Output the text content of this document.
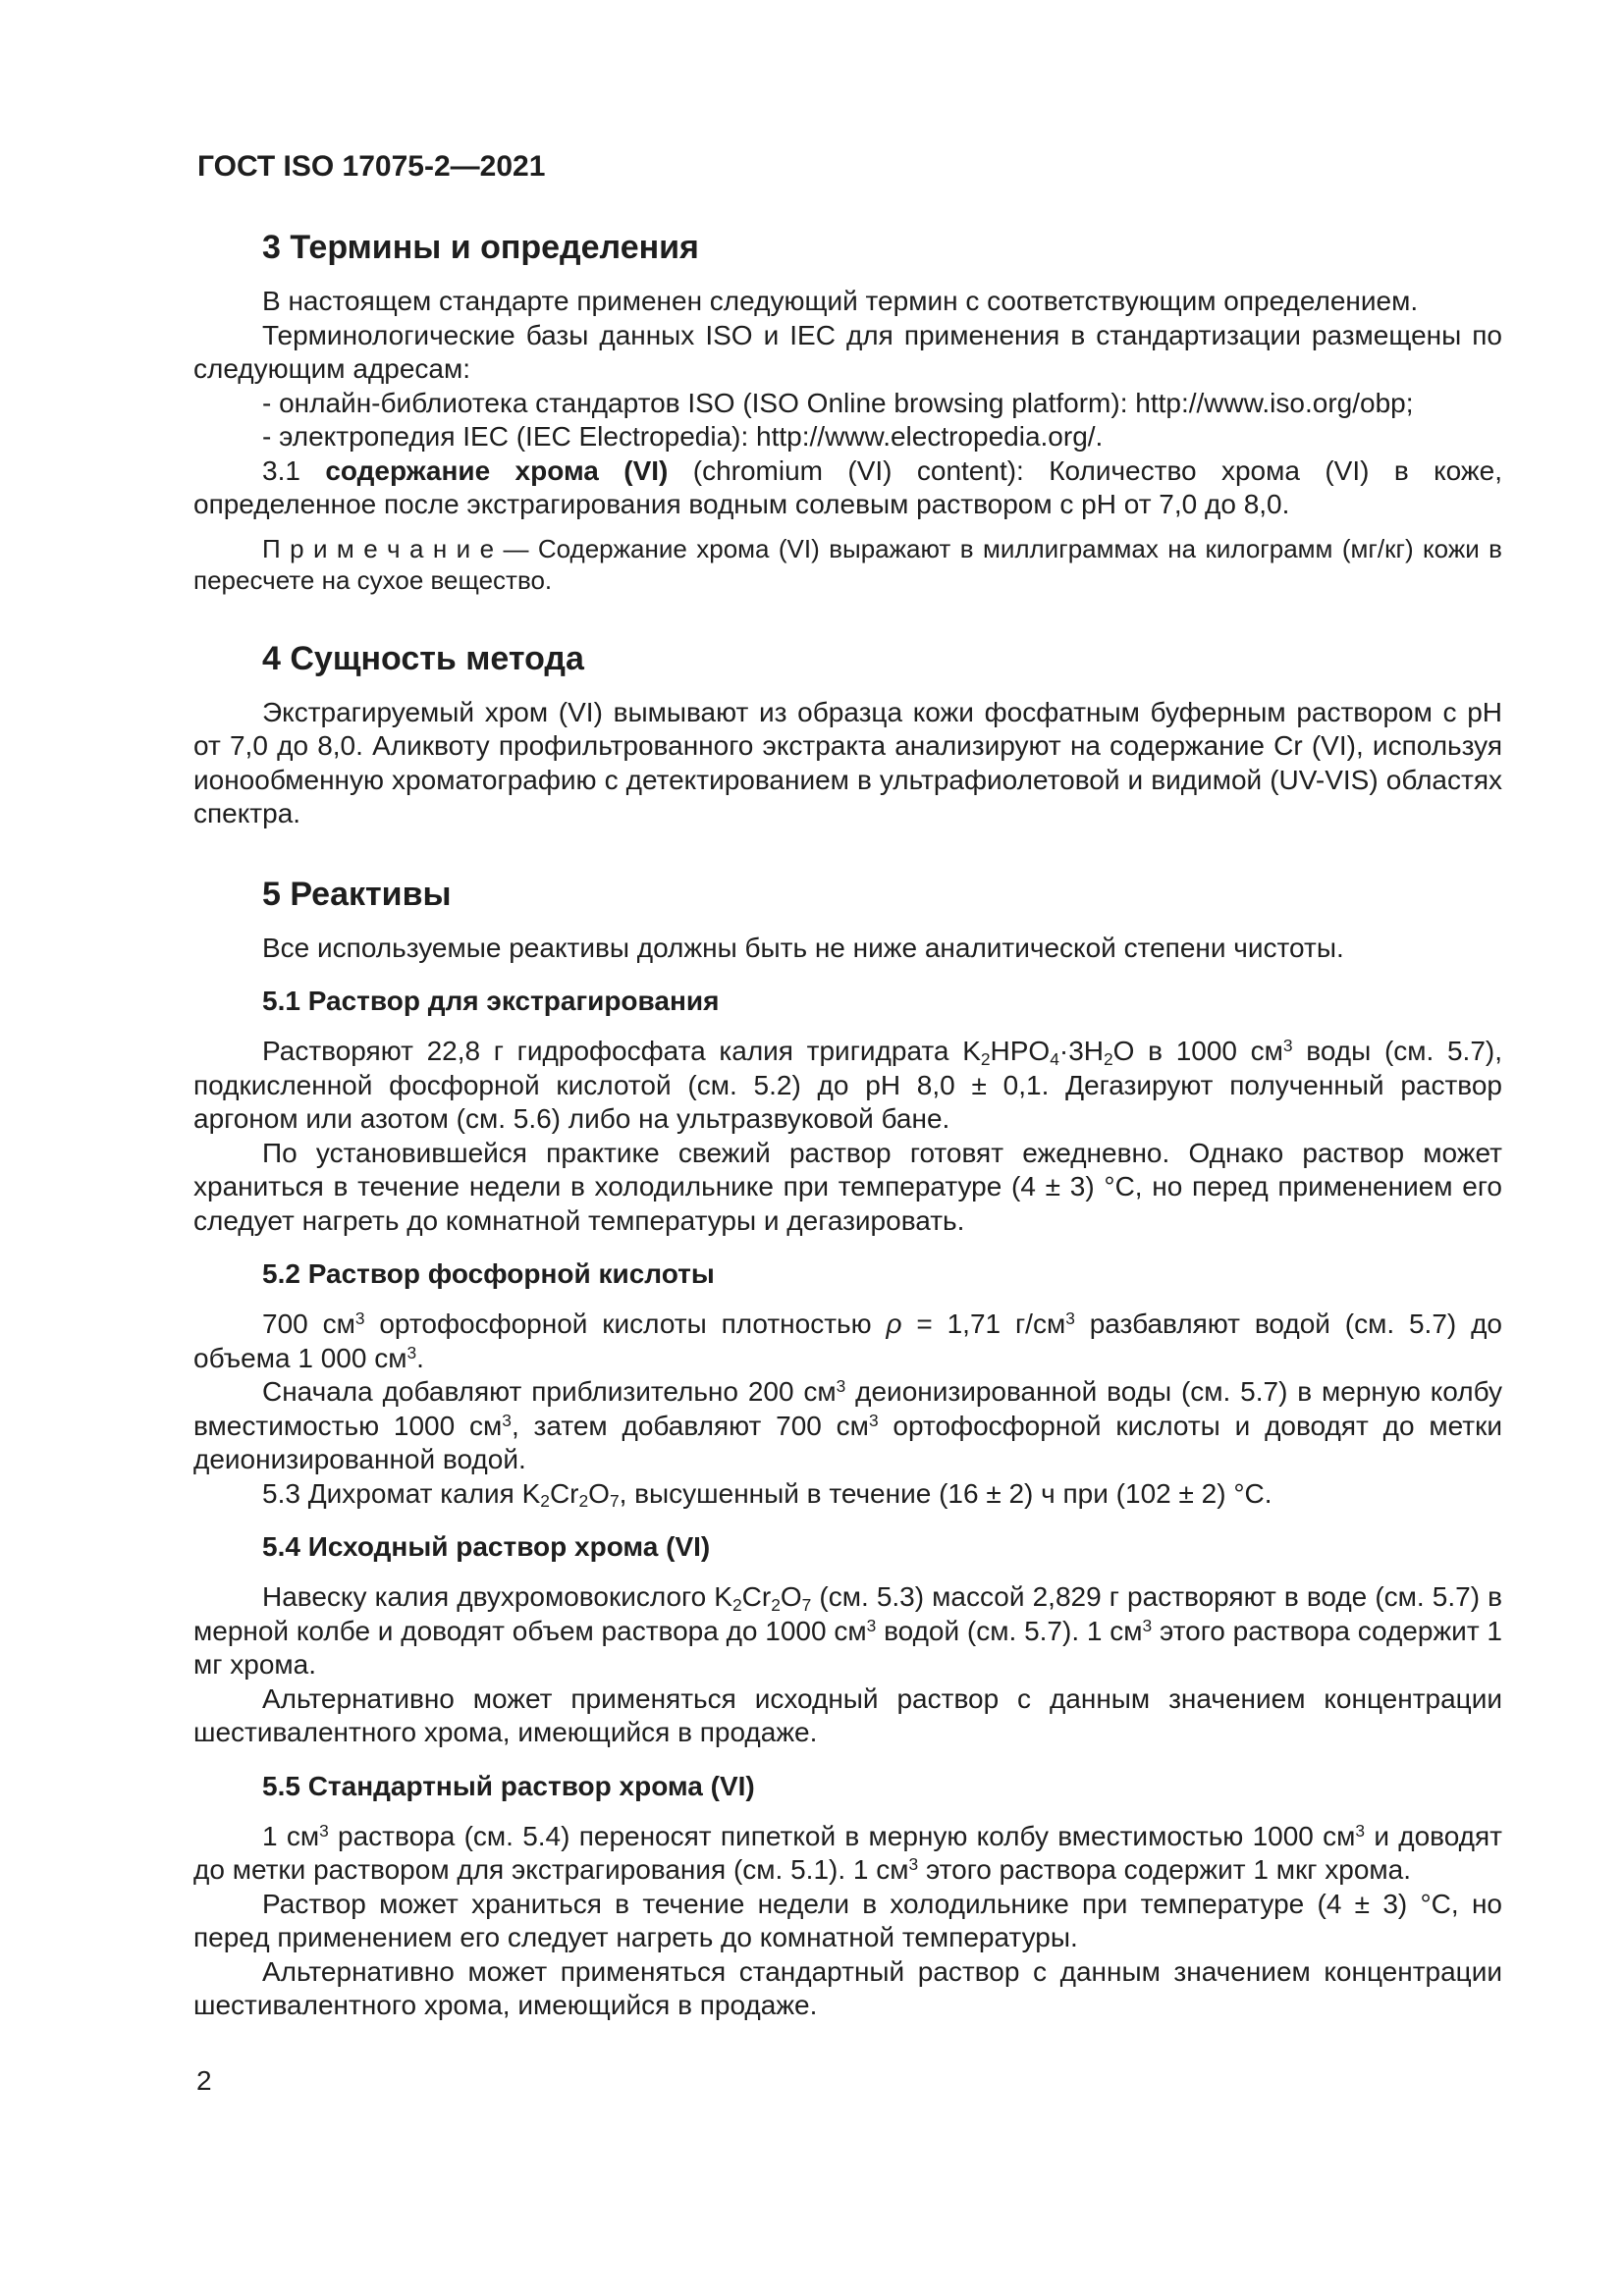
ГОСТ ISO 17075-2—2021
3 Термины и определения

В настоящем стандарте применен следующий термин с соответствующим определением.

Терминологические базы данных ISO и IEC для применения в стандартизации размещены по следующим адресам:

- онлайн-библиотека стандартов ISO (ISO Online browsing platform): http://www.iso.org/obp;

- электропедия IEC (IEC Electropedia): http://www.electropedia.org/.

3.1 содержание хрома (VI) (chromium (VI) content): Количество хрома (VI) в коже, определенное после экстрагирования водным солевым раствором с pH от 7,0 до 8,0.

П р и м е ч а н и е — Содержание хрома (VI) выражают в миллиграммах на килограмм (мг/кг) кожи в пересчете на сухое вещество.

4 Сущность метода

Экстрагируемый хром (VI) вымывают из образца кожи фосфатным буферным раствором с pH от 7,0 до 8,0. Аликвоту профильтрованного экстракта анализируют на содержание Cr (VI), используя ионообменную хроматографию с детектированием в ультрафиолетовой и видимой (UV-VIS) областях спектра.

5 Реактивы

Все используемые реактивы должны быть не ниже аналитической степени чистоты.

5.1 Раствор для экстрагирования

Растворяют 22,8 г гидрофосфата калия тригидрата $K_2HPO_4\cdot 3H_2O$ в 1000 $см^3$ воды (см. 5.7), подкисленной фосфорной кислотой (см. 5.2) до pH 8,0 ± 0,1. Дегазируют полученный раствор аргоном или азотом (см. 5.6) либо на ультразвуковой бане.

По установившейся практике свежий раствор готовят ежедневно. Однако раствор может храниться в течение недели в холодильнике при температуре (4 ± 3) °C, но перед применением его следует нагреть до комнатной температуры и дегазировать.

5.2 Раствор фосфорной кислоты

700 $см^3$ ортофосфорной кислоты плотностью ρ = 1,71 $г/см^3$ разбавляют водой (см. 5.7) до объема 1 000 $см^3$.

Сначала добавляют приблизительно 200 $см^3$ деионизированной воды (см. 5.7) в мерную колбу вместимостью 1000 $см^3$, затем добавляют 700 $см^3$ ортофосфорной кислоты и доводят до метки деионизированной водой.

5.3 Дихромат калия $K_2Cr_2O_7$, высушенный в течение (16 ± 2) ч при (102 ± 2) °C.

5.4 Исходный раствор хрома (VI)

Навеску калия двухромовокислого $K_2Cr_2O_7$ (см. 5.3) массой 2,829 г растворяют в воде (см. 5.7) в мерной колбе и доводят объем раствора до 1000 $см^3$ водой (см. 5.7). 1 $см^3$ этого раствора содержит 1 мг хрома.

Альтернативно может применяться исходный раствор с данным значением концентрации шестивалентного хрома, имеющийся в продаже.

5.5 Стандартный раствор хрома (VI)

1 $см^3$ раствора (см. 5.4) переносят пипеткой в мерную колбу вместимостью 1000 $см^3$ и доводят до метки раствором для экстрагирования (см. 5.1). 1 $см^3$ этого раствора содержит 1 мкг хрома.

Раствор может храниться в течение недели в холодильнике при температуре (4 ± 3) °C, но перед применением его следует нагреть до комнатной температуры.

Альтернативно может применяться стандартный раствор с данным значением концентрации шестивалентного хрома, имеющийся в продаже.

2
